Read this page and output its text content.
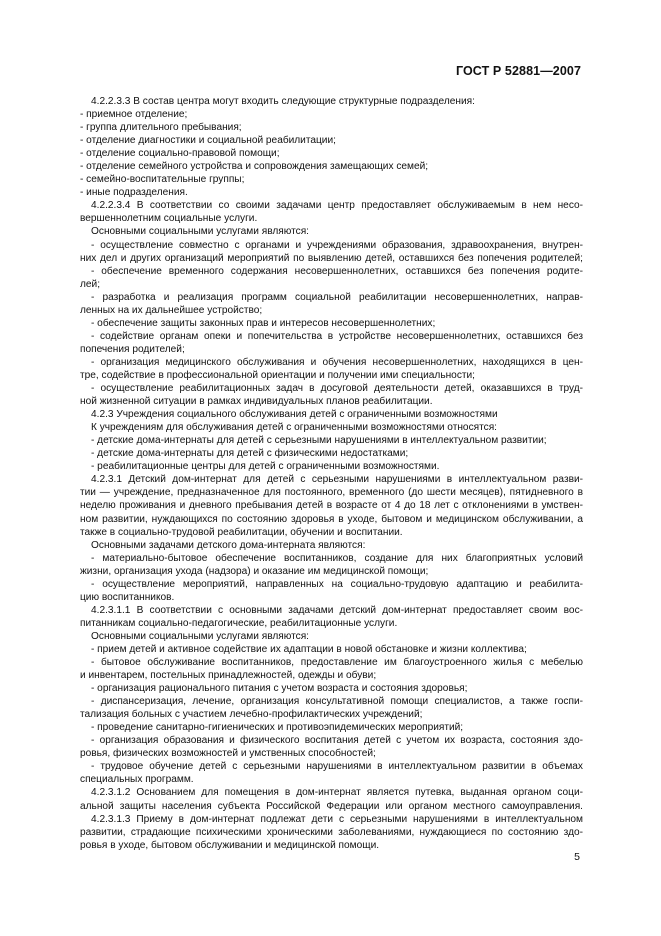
ГОСТ Р 52881—2007
4.2.2.3.3 В состав центра могут входить следующие структурные подразделения:
- приемное отделение;
- группа длительного пребывания;
- отделение диагностики и социальной реабилитации;
- отделение социально-правовой помощи;
- отделение семейного устройства и сопровождения замещающих семей;
- семейно-воспитательные группы;
- иные подразделения.
4.2.2.3.4 В соответствии со своими задачами центр предоставляет обслуживаемым в нем несо-
вершеннолетним социальные услуги.
Основными социальными услугами являются:
- осуществление совместно с органами и учреждениями образования, здравоохранения, внутрен-
них дел и других организаций мероприятий по выявлению детей, оставшихся без попечения родителей;
- обеспечение временного содержания несовершеннолетних, оставшихся без попечения родите-
лей;
- разработка и реализация программ социальной реабилитации несовершеннолетних, направ-
ленных на их дальнейшее устройство;
- обеспечение защиты законных прав и интересов несовершеннолетних;
- содействие органам опеки и попечительства в устройстве несовершеннолетних, оставшихся без
попечения родителей;
- организация медицинского обслуживания и обучения несовершеннолетних, находящихся в цен-
тре, содействие в профессиональной ориентации и получении ими специальности;
- осуществление реабилитационных задач в досуговой деятельности детей, оказавшихся в труд-
ной жизненной ситуации в рамках индивидуальных планов реабилитации.
4.2.3 Учреждения социального обслуживания детей с ограниченными возможностями
К учреждениям для обслуживания детей с ограниченными возможностями относятся:
- детские дома-интернаты для детей с серьезными нарушениями в интеллектуальном развитии;
- детские дома-интернаты для детей с физическими недостатками;
- реабилитационные центры для детей с ограниченными возможностями.
4.2.3.1 Детский дом-интернат для детей с серьезными нарушениями в интеллектуальном разви-
тии — учреждение, предназначенное для постоянного, временного (до шести месяцев), пятидневного в
неделю проживания и дневного пребывания детей в возрасте от 4 до 18 лет с отклонениями в умствен-
ном развитии, нуждающихся по состоянию здоровья в уходе, бытовом и медицинском обслуживании, а
также в социально-трудовой реабилитации, обучении и воспитании.
Основными задачами детского дома-интерната являются:
- материально-бытовое обеспечение воспитанников, создание для них благоприятных условий
жизни, организация ухода (надзора) и оказание им медицинской помощи;
- осуществление мероприятий, направленных на социально-трудовую адаптацию и реабилита-
цию воспитанников.
4.2.3.1.1 В соответствии с основными задачами детский дом-интернат предоставляет своим вос-
питанникам социально-педагогические, реабилитационные услуги.
Основными социальными услугами являются:
- прием детей и активное содействие их адаптации в новой обстановке и жизни коллектива;
- бытовое обслуживание воспитанников, предоставление им благоустроенного жилья с мебелью
и инвентарем, постельных принадлежностей, одежды и обуви;
- организация рационального питания с учетом возраста и состояния здоровья;
- диспансеризация, лечение, организация консультативной помощи специалистов, а также госпи-
тализация больных с участием лечебно-профилактических учреждений;
- проведение санитарно-гигиенических и противоэпидемических мероприятий;
- организация образования и физического воспитания детей с учетом их возраста, состояния здо-
ровья, физических возможностей и умственных способностей;
- трудовое обучение детей с серьезными нарушениями в интеллектуальном развитии в объемах
специальных программ.
4.2.3.1.2 Основанием для помещения в дом-интернат является путевка, выданная органом соци-
альной защиты населения субъекта Российской Федерации или органом местного самоуправления.
4.2.3.1.3 Приему в дом-интернат подлежат дети с серьезными нарушениями в интеллектуальном
развитии, страдающие психическими хроническими заболеваниями, нуждающиеся по состоянию здо-
ровья в уходе, бытовом обслуживании и медицинской помощи.
5
